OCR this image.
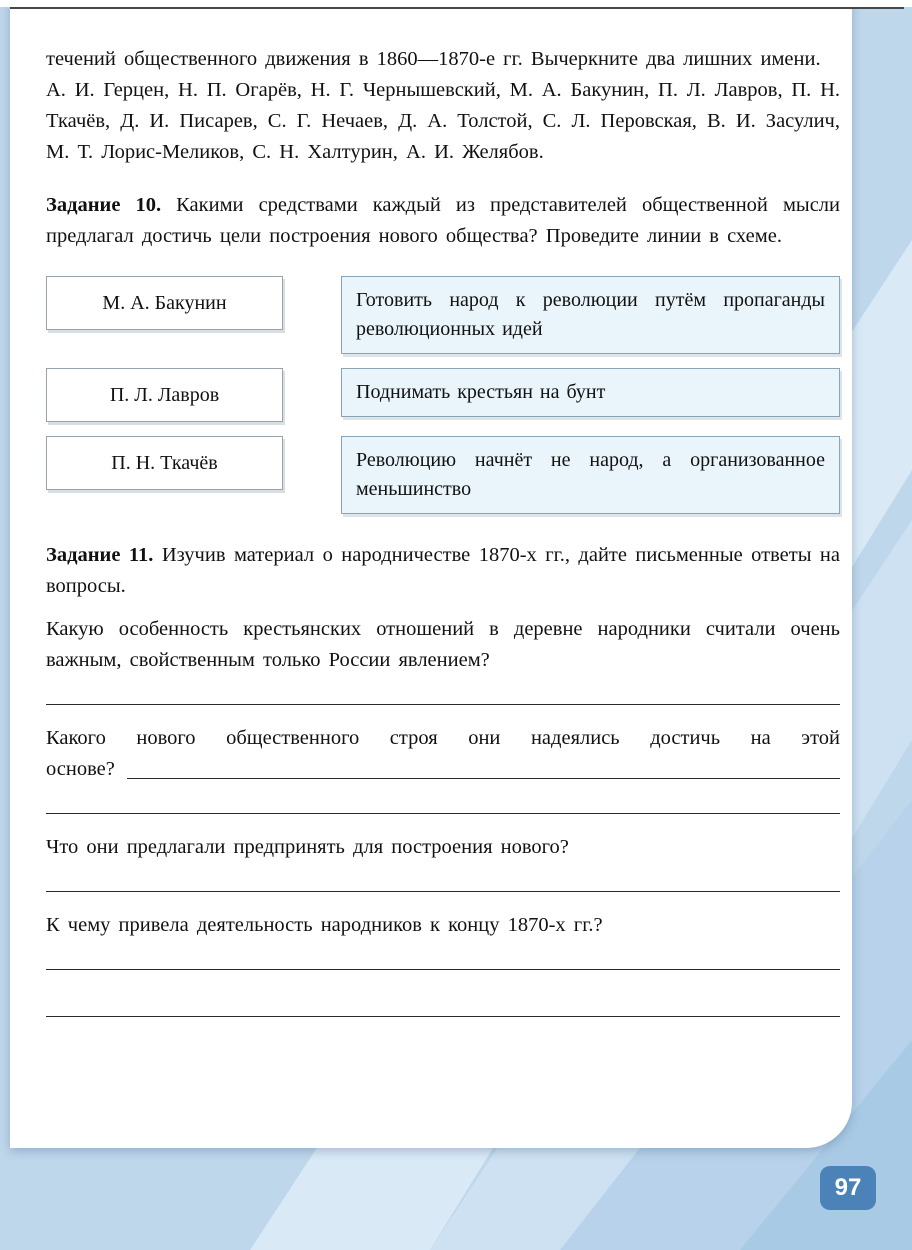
течений общественного движения в 1860—1870-е гг. Вычеркните два лишних имени.

А. И. Герцен, Н. П. Огарёв, Н. Г. Чернышевский, М. А. Бакунин, П. Л. Лавров, П. Н. Ткачёв, Д. И. Писарев, С. Г. Нечаев, Д. А. Толстой, С. Л. Перовская, В. И. Засулич, М. Т. Лорис-Меликов, С. Н. Халтурин, А. И. Желябов.

Задание 10. Какими средствами каждый из представителей общественной мысли предлагал достичь цели построения нового общества? Проведите линии в схеме.

М. А. Бакунин	Готовить народ к революции путём пропаганды революционных идей
П. Л. Лавров	Поднимать крестьян на бунт
П. Н. Ткачёв	Революцию начнёт не народ, а организованное меньшинство

Задание 11. Изучив материал о народничестве 1870-х гг., дайте письменные ответы на вопросы.

Какую особенность крестьянских отношений в деревне народники считали очень важным, свойственным только России явлением?

Какого нового общественного строя они надеялись достичь на этой
основе?

Что они предлагали предпринять для построения нового?

К чему привела деятельность народников к концу 1870-х гг.?

97
